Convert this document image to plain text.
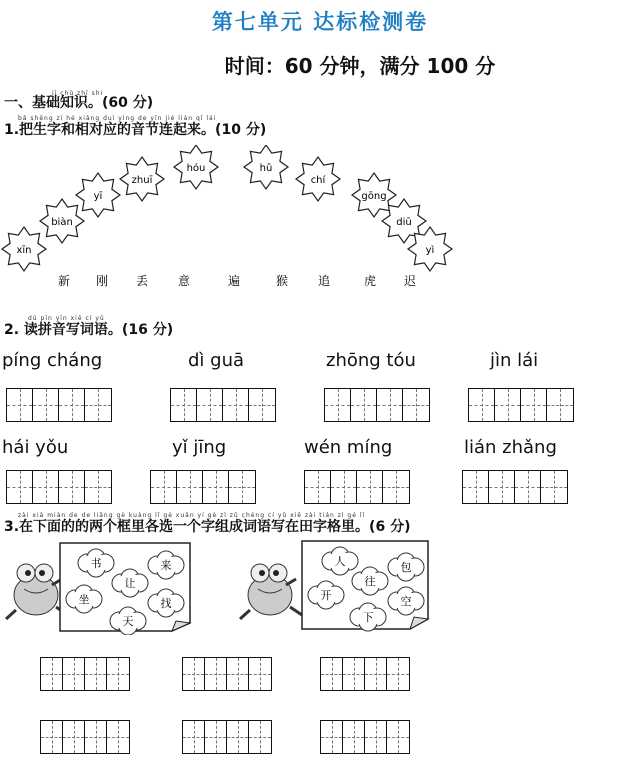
第七单元 达标检测卷
时间：60 分钟，满分 100 分
jī chǔ zhī shi
一、基础知识。(60 分)
bǎ shēng zì hé xiāng duì yìng de yīn jié lián qǐ lái
1.把生字和相对应的音节连起来。(10 分)
xīn
biàn
yī
zhuī
hóu	hǔ
chí
gōng
diū
yì
新 刚 丢 意	遍	猴 追	虎 迟
dú pīn yīn xiě cí yǔ
2. 读拼音写词语。(16 分)
píng cháng	dì guā	zhōng tóu	jìn lái
hái yǒu	yǐ jīng	wén míng	lián zhǎng
zài xià miàn de de liǎng gè kuàng lǐ gè xuǎn yí gè zì zǔ chéng cí yǔ xiě zài tián zì gé lǐ
3.在下面的的两个框里各选一个字组成词语写在田字格里。(6 分)
书	来
让
坐	找
天
人	包
往
开	空
下
